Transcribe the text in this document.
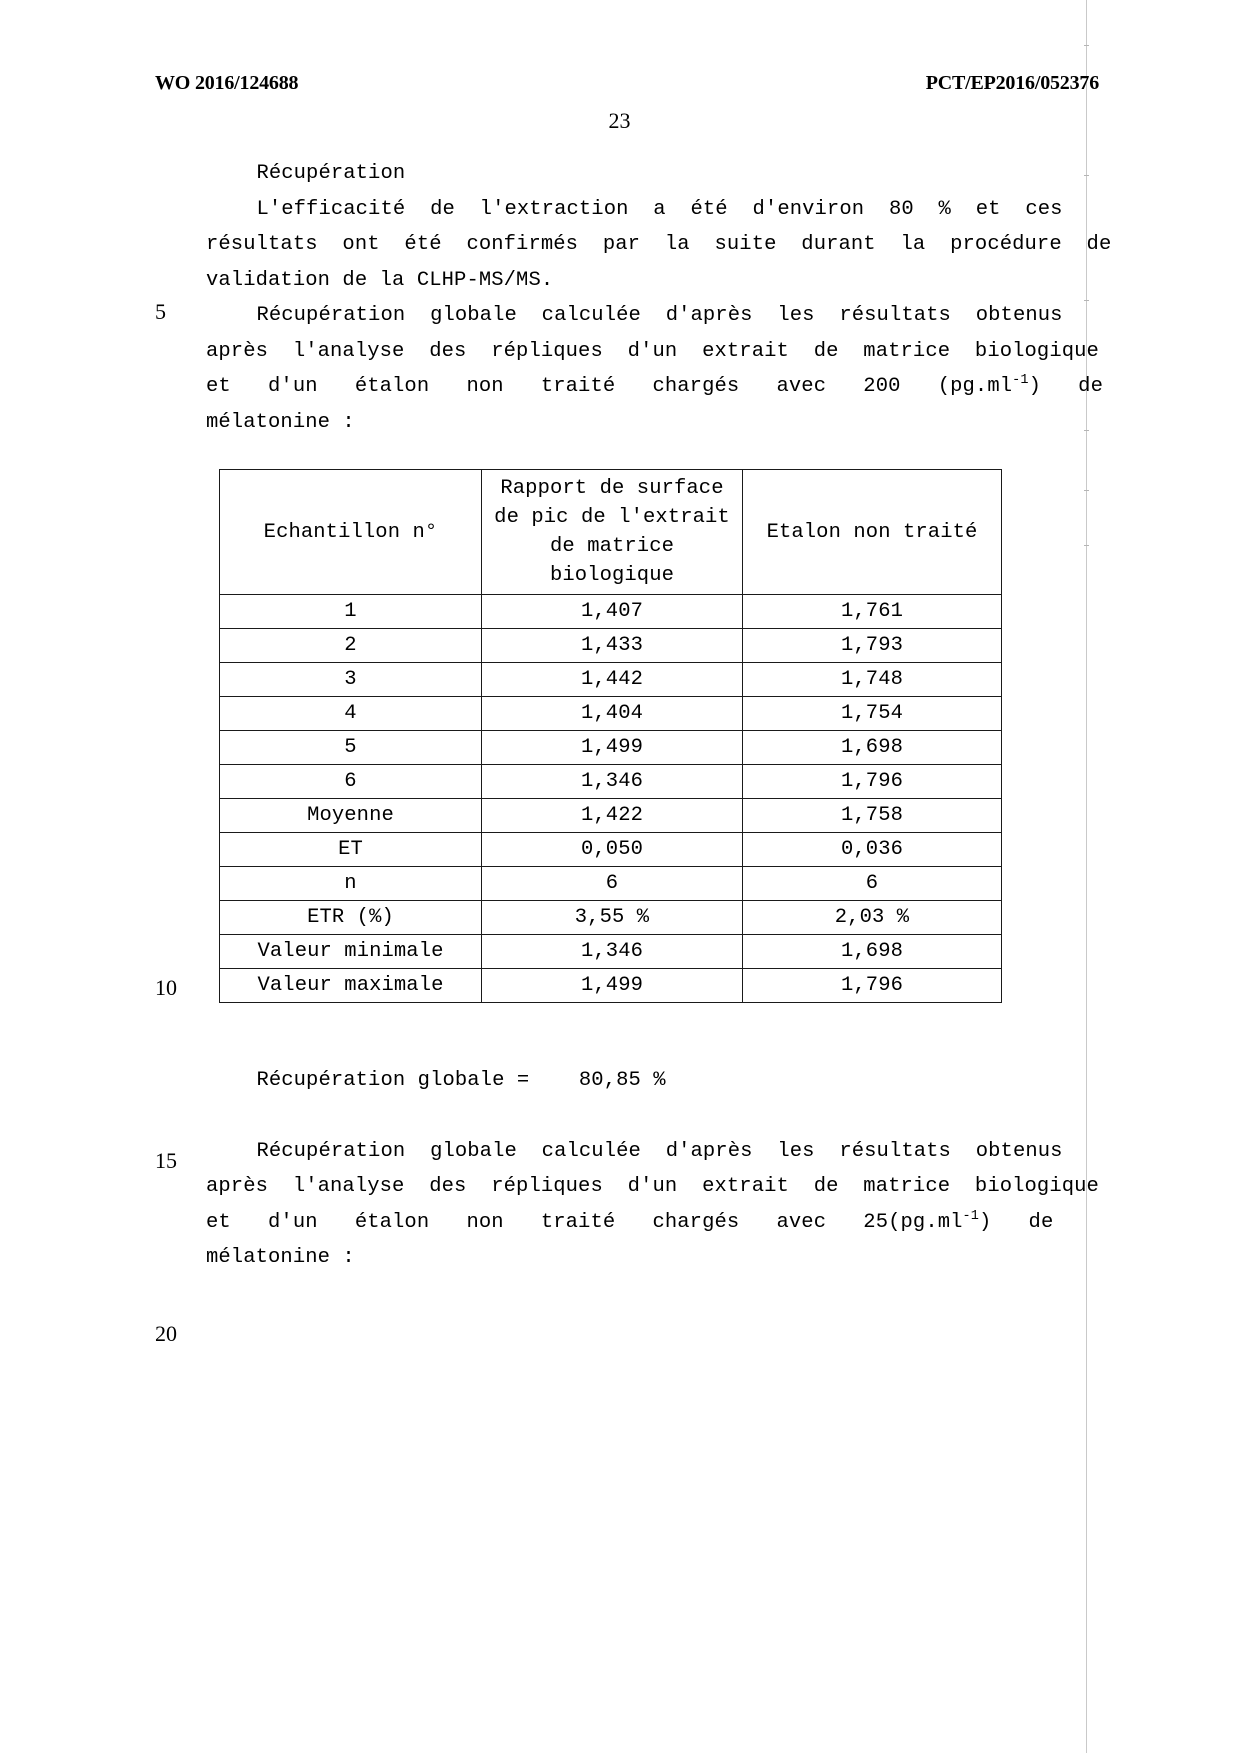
WO 2016/124688	PCT/EP2016/052376
23
5
10
15
20
Récupération
L'efficacité  de  l'extraction  a  été  d'environ  80  %  et  ces
résultats  ont  été  confirmés  par  la  suite  durant  la  procédure  de
validation de la CLHP-MS/MS.
Récupération  globale  calculée  d'après  les  résultats  obtenus
après  l'analyse  des  répliques  d'un  extrait  de  matrice  biologique
et   d'un   étalon   non   traité   chargés   avec   200   $(pg.ml^{-1})$   de
mélatonine :
Echantillon n°	Rapport de surface
de pic de l'extrait
de matrice
biologique	Etalon non traité
1	1,407	1,761
2	1,433	1,793
3	1,442	1,748
4	1,404	1,754
5	1,499	1,698
6	1,346	1,796
Moyenne	1,422	1,758
ET	0,050	0,036
n	6	6
ETR (%)	3,55 %	2,03 %
Valeur minimale	1,346	1,698
Valeur maximale	1,499	1,796
Récupération globale =    80,85 %
Récupération  globale  calculée  d'après  les  résultats  obtenus
après  l'analyse  des  répliques  d'un  extrait  de  matrice  biologique
et   d'un   étalon   non   traité   chargés   avec   $25(pg.ml^{-1})$   de
mélatonine :
